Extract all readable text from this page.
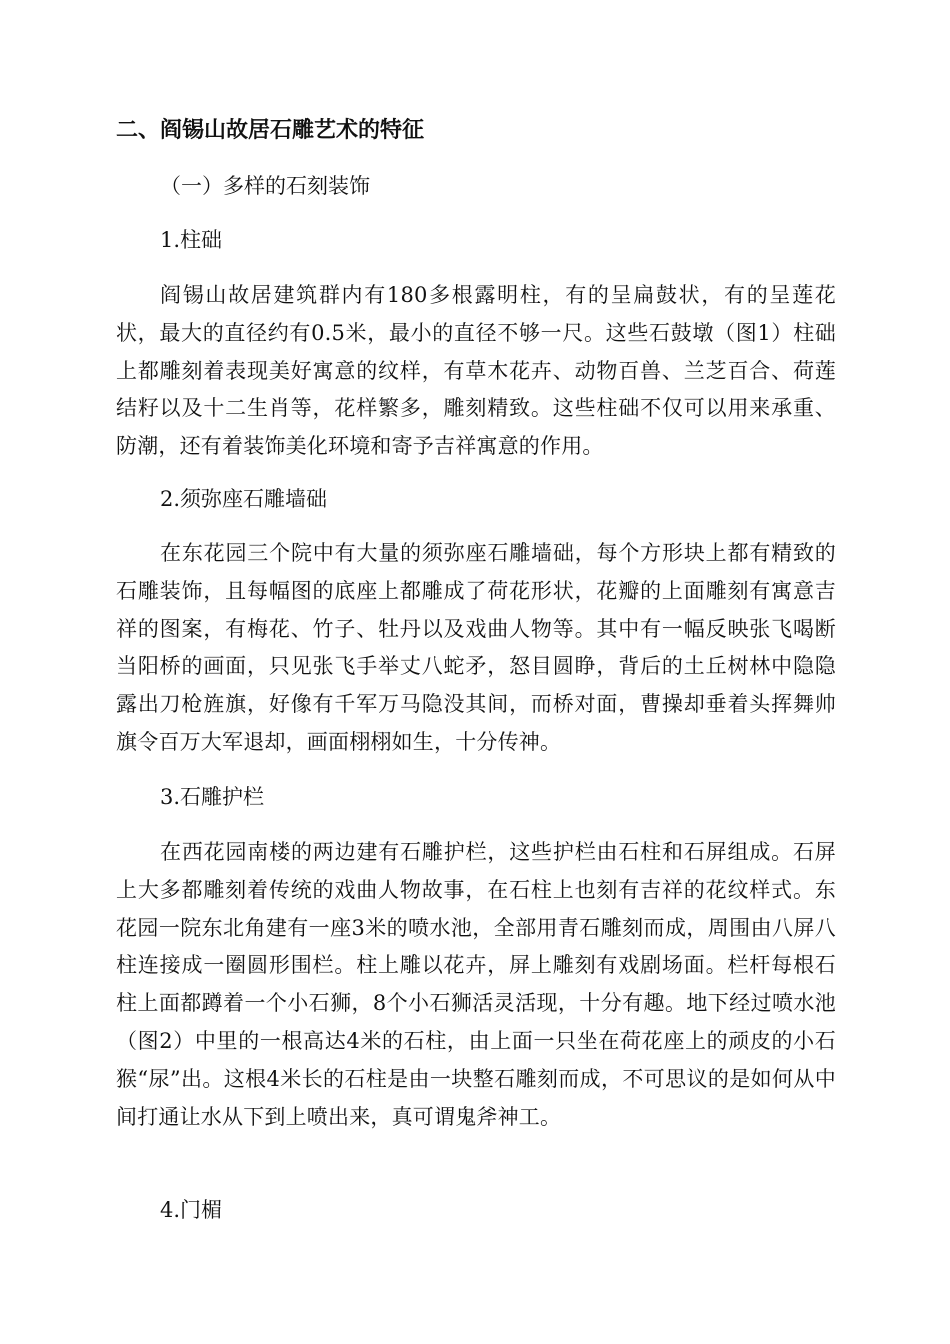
二、阎锡山故居石雕艺术的特征

（一）多样的石刻装饰

1.柱础

阎锡山故居建筑群内有180多根露明柱，有的呈扁鼓状，有的呈莲花状，最大的直径约有0.5米，最小的直径不够一尺。这些石鼓墩（图1）柱础上都雕刻着表现美好寓意的纹样，有草木花卉、动物百兽、兰芝百合、荷莲结籽以及十二生肖等，花样繁多，雕刻精致。这些柱础不仅可以用来承重、防潮，还有着装饰美化环境和寄予吉祥寓意的作用。

2.须弥座石雕墙础

在东花园三个院中有大量的须弥座石雕墙础，每个方形块上都有精致的石雕装饰，且每幅图的底座上都雕成了荷花形状，花瓣的上面雕刻有寓意吉祥的图案，有梅花、竹子、牡丹以及戏曲人物等。其中有一幅反映张飞喝断当阳桥的画面，只见张飞手举丈八蛇矛，怒目圆睁，背后的土丘树林中隐隐露出刀枪旌旗，好像有千军万马隐没其间，而桥对面，曹操却垂着头挥舞帅旗令百万大军退却，画面栩栩如生，十分传神。

3.石雕护栏

在西花园南楼的两边建有石雕护栏，这些护栏由石柱和石屏组成。石屏上大多都雕刻着传统的戏曲人物故事，在石柱上也刻有吉祥的花纹样式。东花园一院东北角建有一座3米的喷水池，全部用青石雕刻而成，周围由八屏八柱连接成一圈圆形围栏。柱上雕以花卉，屏上雕刻有戏剧场面。栏杆每根石柱上面都蹲着一个小石狮，8个小石狮活灵活现，十分有趣。地下经过喷水池（图2）中里的一根高达4米的石柱，由上面一只坐在荷花座上的顽皮的小石猴“尿”出。这根4米长的石柱是由一块整石雕刻而成，不可思议的是如何从中间打通让水从下到上喷出来，真可谓鬼斧神工。

4.门楣
